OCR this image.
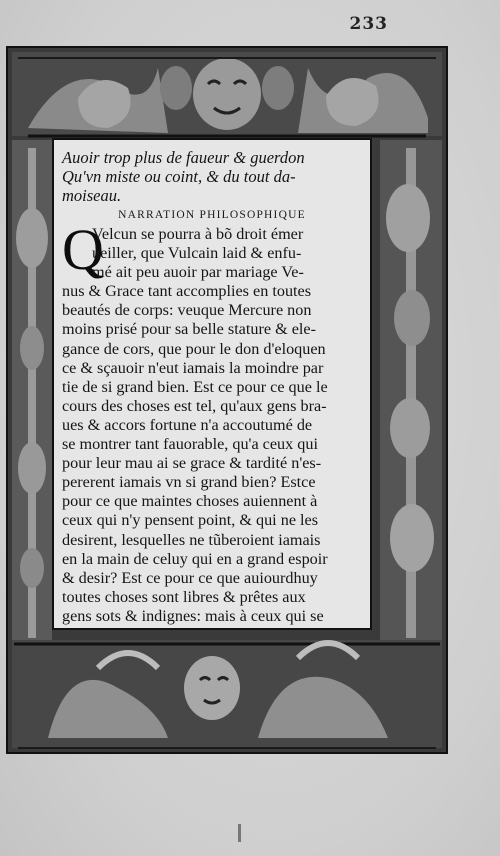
233
Auoir trop plus de faueur & guerdon
Qu'vn miste ou coint, & du tout da-
moiseau.
NARRATION PHILOSOPHIQUE
Q
Velcun se pourra à bõ droit émer
ueiller, que Vulcain laid & enfu-
mé ait peu auoir par mariage Ve-
nus & Grace tant accomplies en toutes
beautés de corps: veuque Mercure non
moins prisé pour sa belle stature & ele-
gance de cors, que pour le don d'eloquen
ce & sçauoir n'eut iamais la moindre par
tie de si grand bien. Est ce pour ce que le
cours des choses est tel, qu'aux gens bra-
ues & accors fortune n'a accoutumé de
se montrer tant fauorable, qu'a ceux qui
pour leur mau ai se grace & tardité n'es-
pererent iamais vn si grand bien? Estce
pour ce que maintes choses auiennent à
ceux qui n'y pensent point, & qui ne les
desirent, lesquelles ne tũberoient iamais
en la main de celuy qui en a grand espoir
& desir? Est ce pour ce que auiourdhuy
toutes choses sont libres & prêtes aux
gens sots & indignes: mais à ceux qui se
